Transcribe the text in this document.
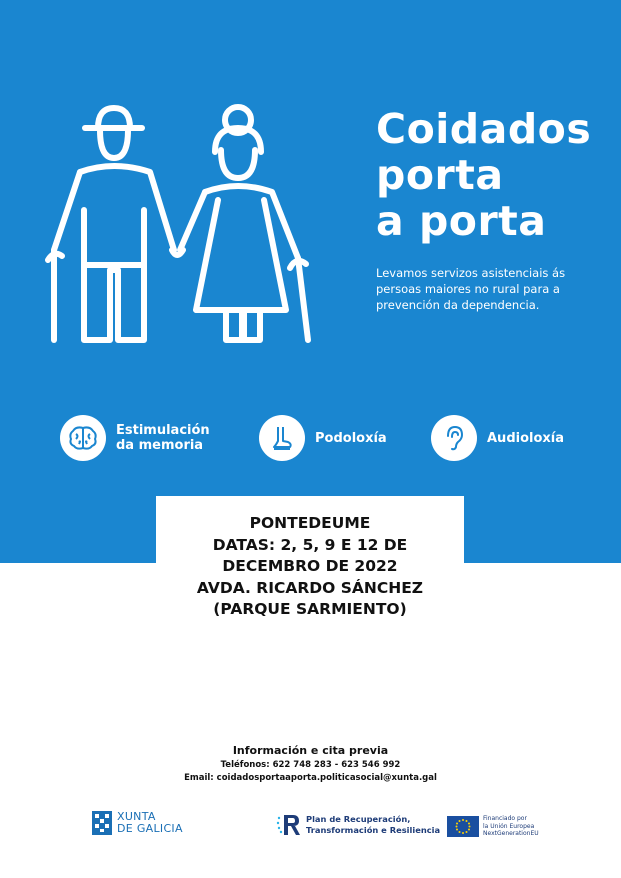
Coidados
porta
a porta

Levamos servizos asistenciais ás persoas maiores no rural para a prevención da dependencia.

Estimulación
da memoria	Podoloxía	Audioloxía
PONTEDEUME
DATAS: 2, 5, 9 E 12 DE
DECEMBRO DE 2022
AVDA. RICARDO SÁNCHEZ
(PARQUE SARMIENTO)
Información e cita previa
Teléfonos: 622 748 283 - 623 546 992
Email: coidadosportaaporta.politicasocial@xunta.gal
XUNTA
DE GALICIA
Plan de Recuperación,
Transformación e Resiliencia
Financiado por
la Unión Europea
NextGenerationEU
